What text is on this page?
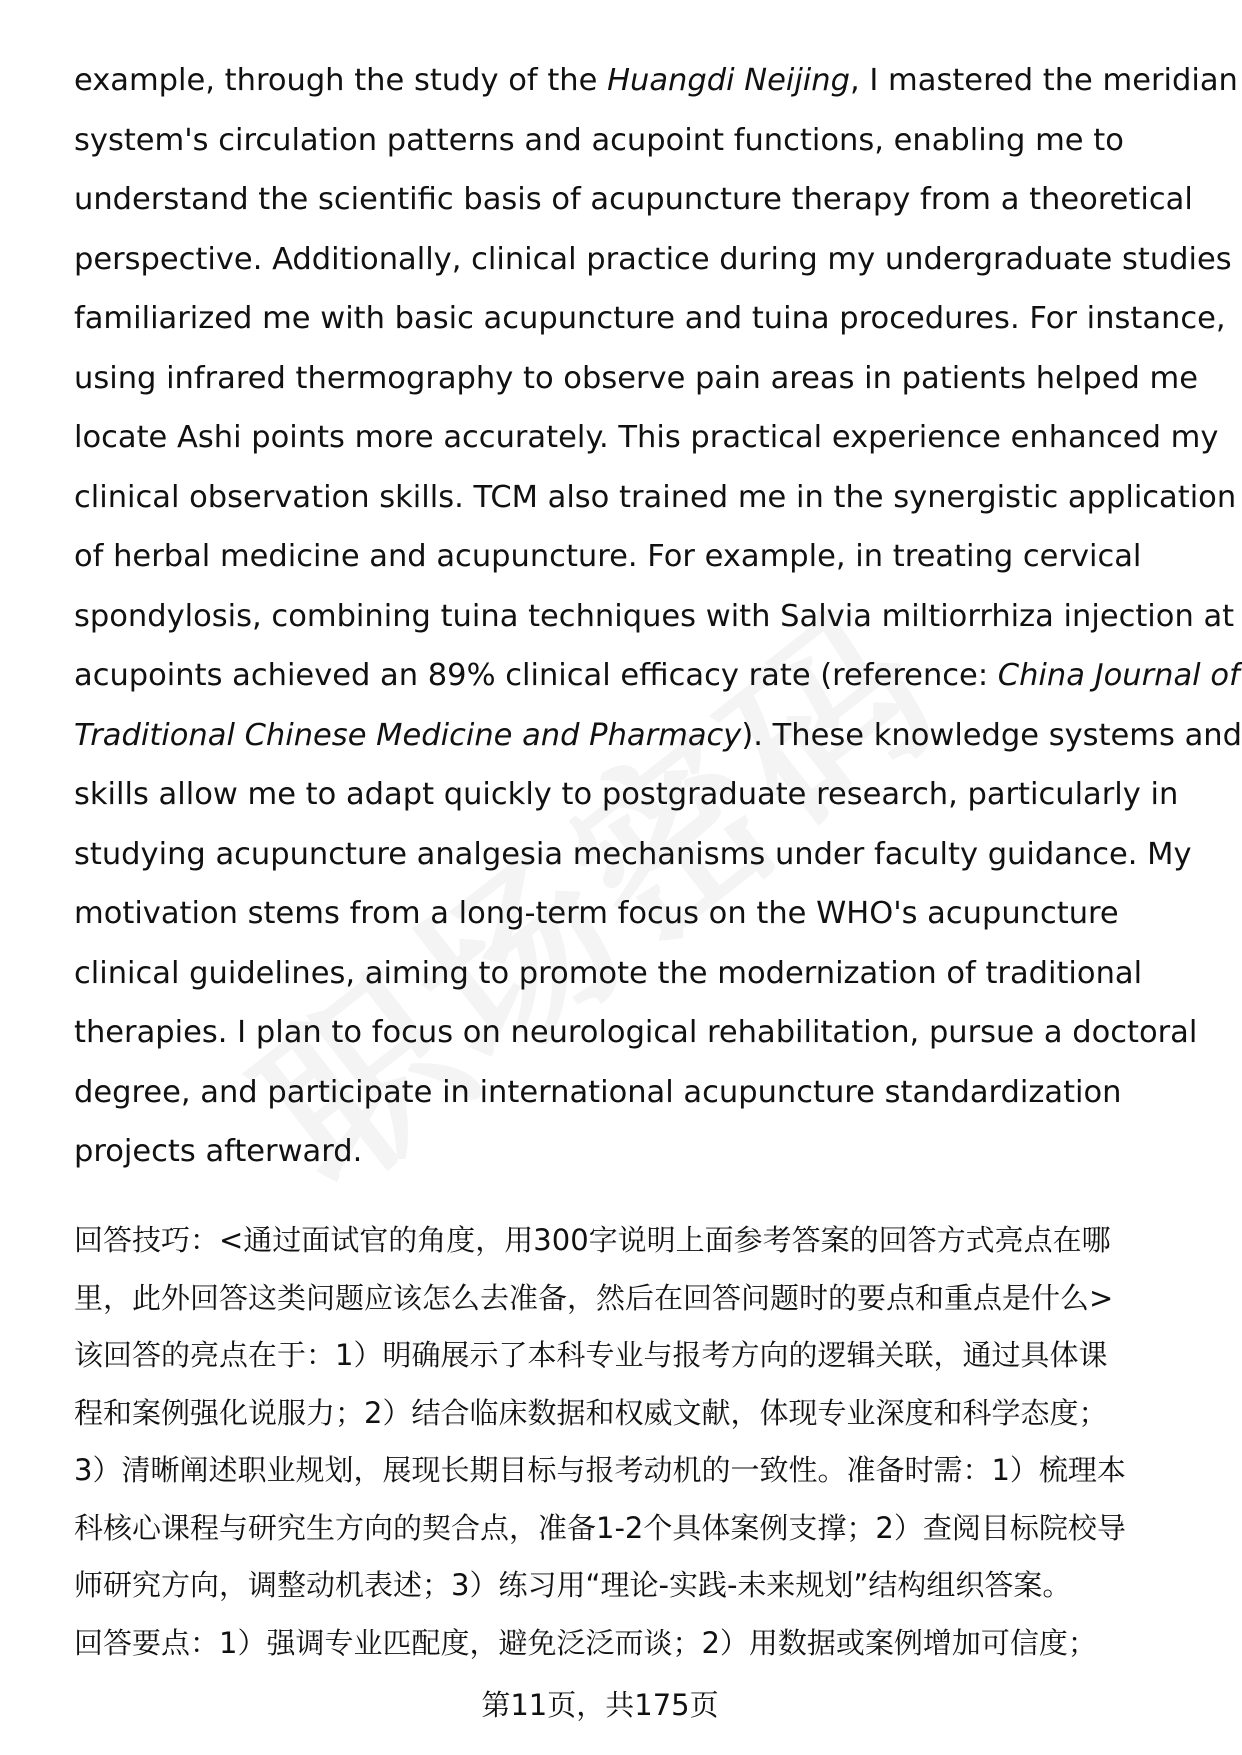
example, through the study of the Huangdi Neijing, I mastered the meridian
system's circulation patterns and acupoint functions, enabling me to
understand the scientific basis of acupuncture therapy from a theoretical
perspective. Additionally, clinical practice during my undergraduate studies
familiarized me with basic acupuncture and tuina procedures. For instance,
using infrared thermography to observe pain areas in patients helped me
locate Ashi points more accurately. This practical experience enhanced my
clinical observation skills. TCM also trained me in the synergistic application
of herbal medicine and acupuncture. For example, in treating cervical
spondylosis, combining tuina techniques with Salvia miltiorrhiza injection at
acupoints achieved an 89% clinical efficacy rate (reference: China Journal of
Traditional Chinese Medicine and Pharmacy). These knowledge systems and
skills allow me to adapt quickly to postgraduate research, particularly in
studying acupuncture analgesia mechanisms under faculty guidance. My
motivation stems from a long-term focus on the WHO's acupuncture
clinical guidelines, aiming to promote the modernization of traditional
therapies. I plan to focus on neurological rehabilitation, pursue a doctoral
degree, and participate in international acupuncture standardization
projects afterward.
回答技巧：<通过面试官的角度，用300字说明上面参考答案的回答方式亮点在哪
里，此外回答这类问题应该怎么去准备，然后在回答问题时的要点和重点是什么>
该回答的亮点在于：1）明确展示了本科专业与报考方向的逻辑关联，通过具体课
程和案例强化说服力；2）结合临床数据和权威文献，体现专业深度和科学态度；
3）清晰阐述职业规划，展现长期目标与报考动机的一致性。准备时需：1）梳理本
科核心课程与研究生方向的契合点，准备1-2个具体案例支撑；2）查阅目标院校导
师研究方向，调整动机表述；3）练习用“理论-实践-未来规划”结构组织答案。
回答要点：1）强调专业匹配度，避免泛泛而谈；2）用数据或案例增加可信度；
第11页，共175页
